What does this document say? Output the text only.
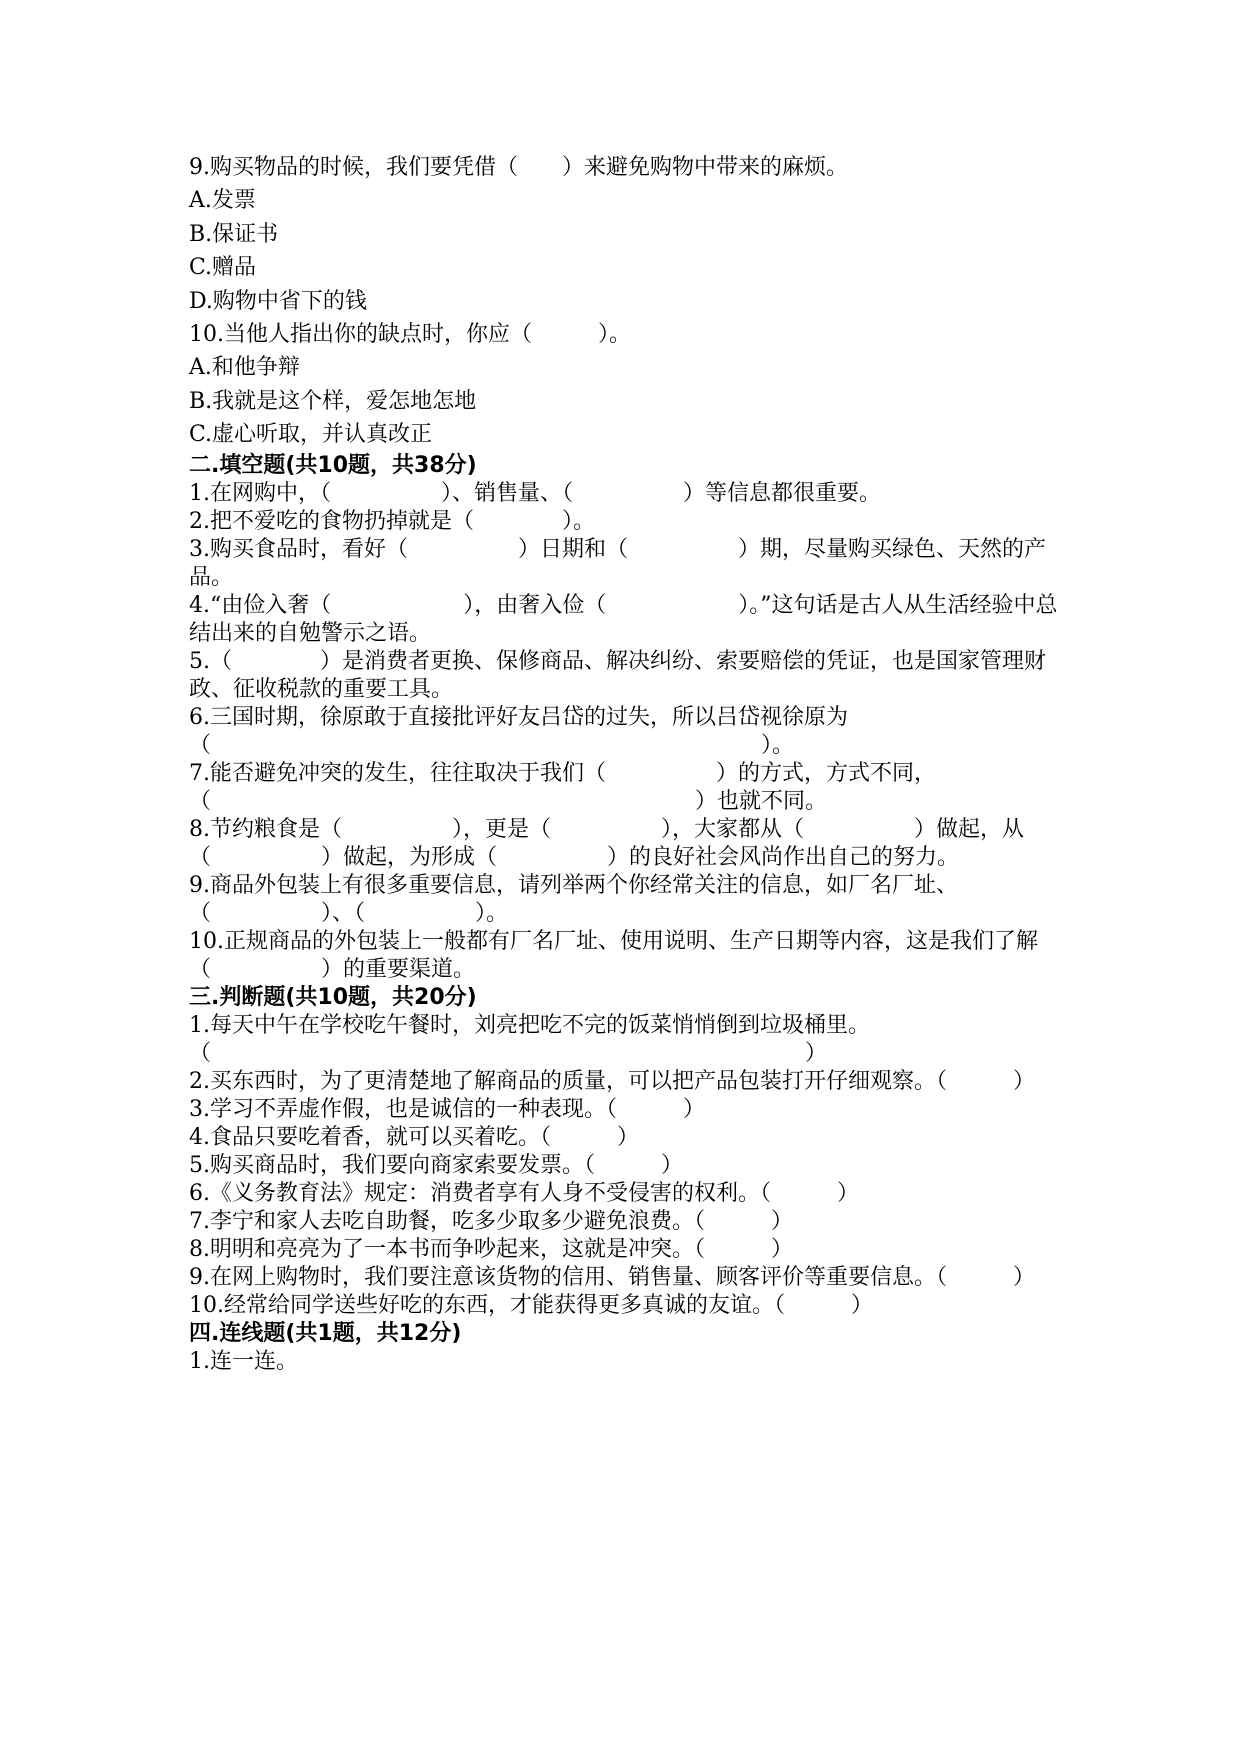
9.购买物品的时候，我们要凭借（　　）来避免购物中带来的麻烦。

A.发票

B.保证书

C.赠品

D.购物中省下的钱

10.当他人指出你的缺点时，你应（　　　）。

A.和他争辩

B.我就是这个样，爱怎地怎地

C.虚心听取，并认真改正

二.填空题(共10题，共38分)

1.在网购中，（　　　　　）、销售量、（　　　　　）等信息都很重要。

2.把不爱吃的食物扔掉就是（　　　　）。

3.购买食品时，看好（　　　　　）日期和（　　　　　）期，尽量购买绿色、天然的产品。

4.“由俭入奢（　　　　　　），由奢入俭（　　　　　　）。”这句话是古人从生活经验中总结出来的自勉警示之语。

5.（　　　　）是消费者更换、保修商品、解决纠纷、索要赔偿的凭证，也是国家管理财政、征收税款的重要工具。

6.三国时期，徐原敢于直接批评好友吕岱的过失，所以吕岱视徐原为（　　　　　　　　　　　　　　　　　　　　　　　　　）。

7.能否避免冲突的发生，往往取决于我们（　　　　　）的方式，方式不同，（　　　　　　　　　　　　　　　　　　　　　　）也就不同。

8.节约粮食是（　　　　　），更是（　　　　　），大家都从（　　　　　）做起，从（　　　　　）做起，为形成（　　　　　）的良好社会风尚作出自己的努力。

9.商品外包装上有很多重要信息，请列举两个你经常关注的信息，如厂名厂址、（　　　　　）、（　　　　　）。

10.正规商品的外包装上一般都有厂名厂址、使用说明、生产日期等内容，这是我们了解（　　　　　）的重要渠道。

三.判断题(共10题，共20分)

1.每天中午在学校吃午餐时，刘亮把吃不完的饭菜悄悄倒到垃圾桶里。（　　　　　　　　　　　　　　　　　　　　　　　　　　　）

2.买东西时，为了更清楚地了解商品的质量，可以把产品包装打开仔细观察。（　　　）

3.学习不弄虚作假，也是诚信的一种表现。（　　　）

4.食品只要吃着香，就可以买着吃。（　　　）

5.购买商品时，我们要向商家索要发票。（　　　）

6.《义务教育法》规定：消费者享有人身不受侵害的权利。（　　　）

7.李宁和家人去吃自助餐，吃多少取多少避免浪费。（　　　）

8.明明和亮亮为了一本书而争吵起来，这就是冲突。（　　　）

9.在网上购物时，我们要注意该货物的信用、销售量、顾客评价等重要信息。（　　　）

10.经常给同学送些好吃的东西，才能获得更多真诚的友谊。（　　　）

四.连线题(共1题，共12分)

1.连一连。
